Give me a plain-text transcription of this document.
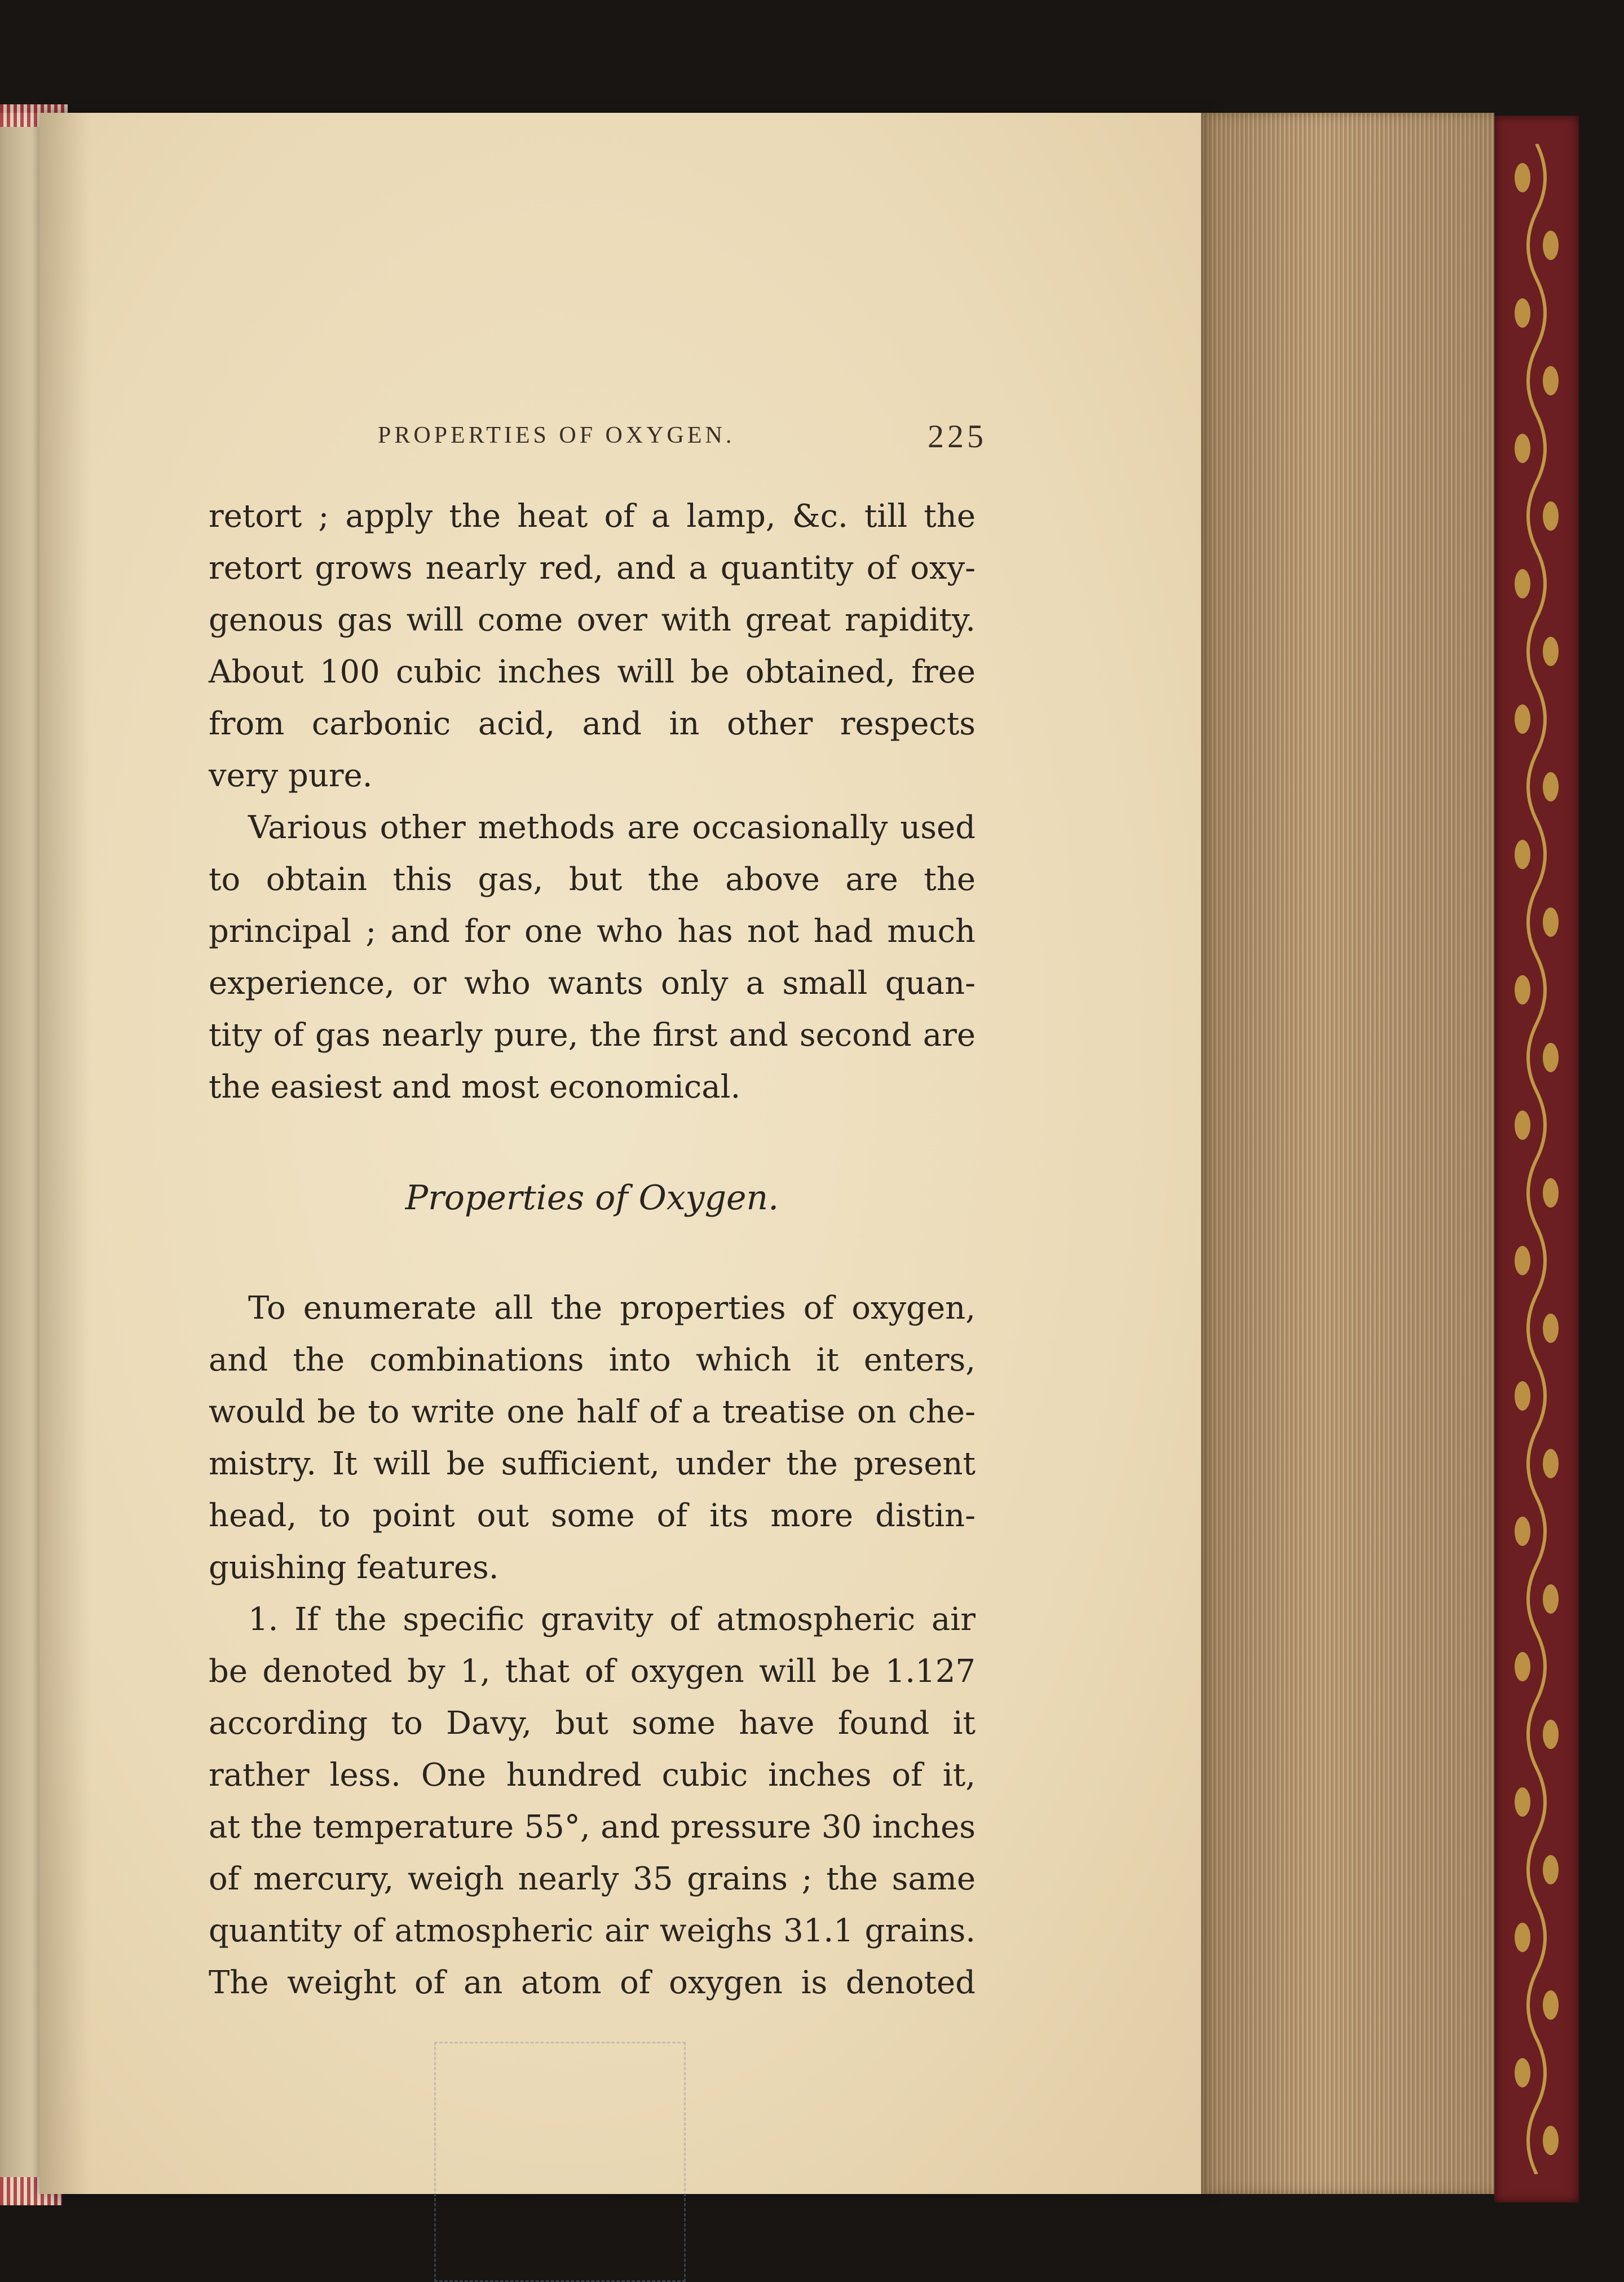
PROPERTIES OF OXYGEN.	225
retort ; apply the heat of a lamp, &c. till the
retort grows nearly red, and a quantity of oxy-
genous gas will come over with great rapidity.
About 100 cubic inches will be obtained, free
from carbonic acid, and in other respects
very pure.
Various other methods are occasionally used
to obtain this gas, but the above are the
principal ; and for one who has not had much
experience, or who wants only a small quan-
tity of gas nearly pure, the first and second are
the easiest and most economical.
Properties of Oxygen.
To enumerate all the properties of oxygen,
and the combinations into which it enters,
would be to write one half of a treatise on che-
mistry. It will be sufficient, under the present
head, to point out some of its more distin-
guishing features.
1. If the specific gravity of atmospheric air
be denoted by 1, that of oxygen will be 1.127
according to Davy, but some have found it
rather less. One hundred cubic inches of it,
at the temperature 55°, and pressure 30 inches
of mercury, weigh nearly 35 grains ; the same
quantity of atmospheric air weighs 31.1 grains.
The weight of an atom of oxygen is denoted
